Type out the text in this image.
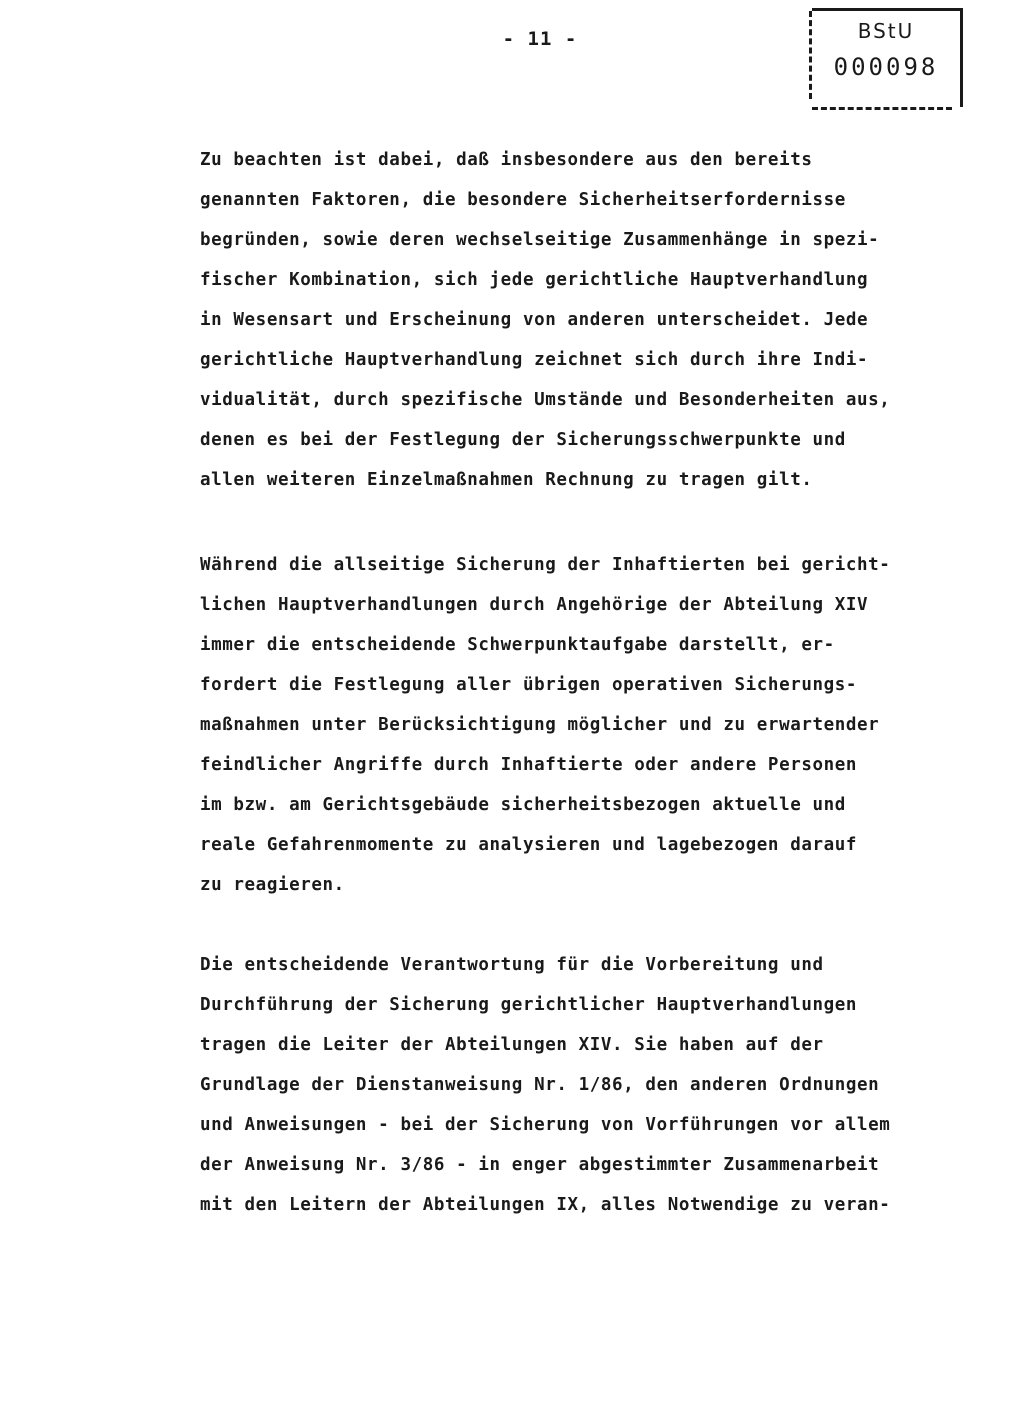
- 11 -	BStU
000098
Zu beachten ist dabei, daß insbesondere aus den bereits
genannten Faktoren, die besondere Sicherheitserfordernisse
begründen, sowie deren wechselseitige Zusammenhänge in spezi-
fischer Kombination, sich jede gerichtliche Hauptverhandlung
in Wesensart und Erscheinung von anderen unterscheidet. Jede
gerichtliche Hauptverhandlung zeichnet sich durch ihre Indi-
vidualität, durch spezifische Umstände und Besonderheiten aus,
denen es bei der Festlegung der Sicherungsschwerpunkte und
allen weiteren Einzelmaßnahmen Rechnung zu tragen gilt.
Während die allseitige Sicherung der Inhaftierten bei gericht-
lichen Hauptverhandlungen durch Angehörige der Abteilung XIV
immer die entscheidende Schwerpunktaufgabe darstellt, er-
fordert die Festlegung aller übrigen operativen Sicherungs-
maßnahmen unter Berücksichtigung möglicher und zu erwartender
feindlicher Angriffe durch Inhaftierte oder andere Personen
im bzw. am Gerichtsgebäude sicherheitsbezogen aktuelle und
reale Gefahrenmomente zu analysieren und lagebezogen darauf
zu reagieren.
Die entscheidende Verantwortung für die Vorbereitung und
Durchführung der Sicherung gerichtlicher Hauptverhandlungen
tragen die Leiter der Abteilungen XIV. Sie haben auf der
Grundlage der Dienstanweisung Nr. 1/86, den anderen Ordnungen
und Anweisungen - bei der Sicherung von Vorführungen vor allem
der Anweisung Nr. 3/86 - in enger abgestimmter Zusammenarbeit
mit den Leitern der Abteilungen IX, alles Notwendige zu veran-
